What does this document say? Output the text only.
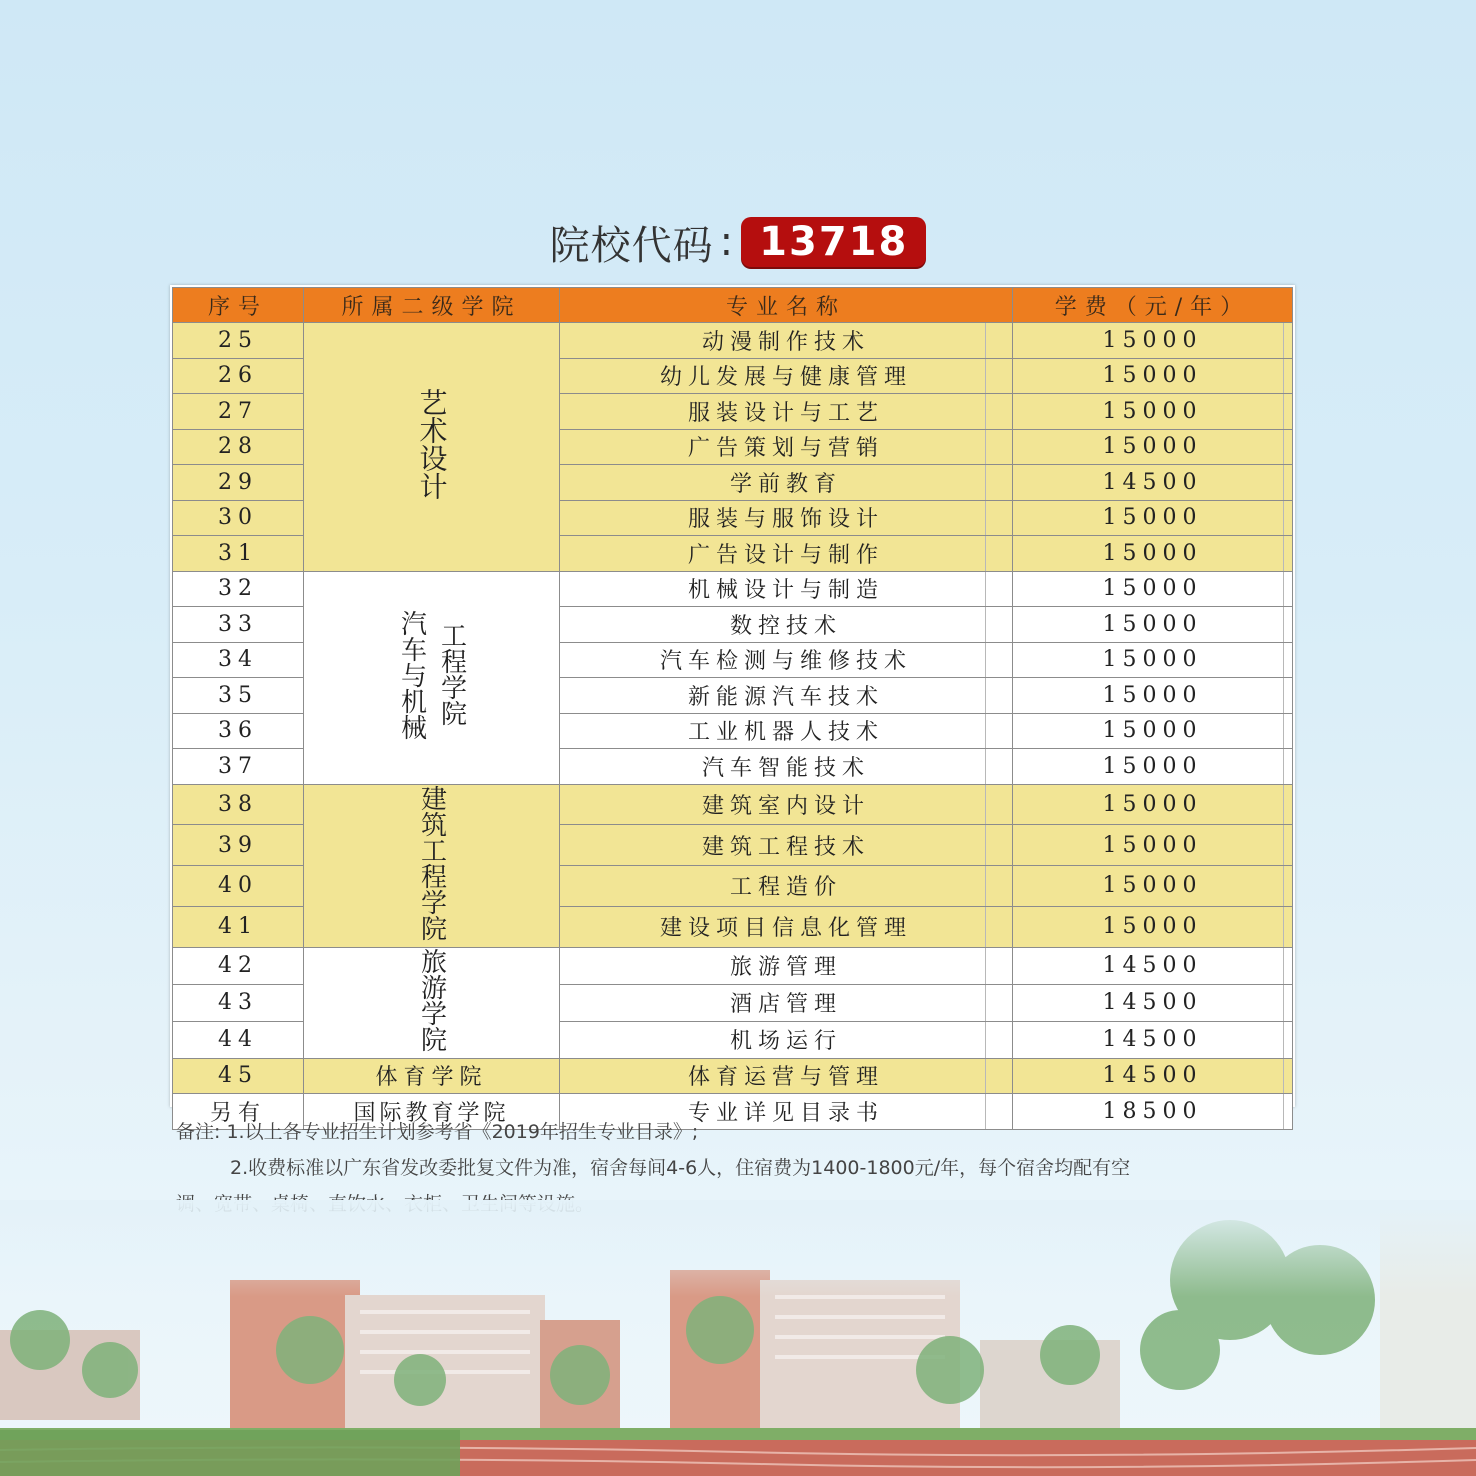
院校代码 : 13718
序号	所属二级学院	专业名称	学费（元/年）
25	艺术设计	动漫制作技术	15000
26		幼儿发展与健康管理	15000
27		服装设计与工艺	15000
28		广告策划与营销	15000
29		学前教育	14500
30		服装与服饰设计	15000
31		广告设计与制作	15000
32	汽车与机械 工程学院	机械设计与制造	15000
33		数控技术	15000
34		汽车检测与维修技术	15000
35		新能源汽车技术	15000
36		工业机器人技术	15000
37		汽车智能技术	15000
38	建筑工程学院	建筑室内设计	15000
39		建筑工程技术	15000
40		工程造价	15000
41		建设项目信息化管理	15000
42	旅游学院	旅游管理	14500
43		酒店管理	14500
44		机场运行	14500
45	体育学院	体育运营与管理	14500
另有	国际教育学院	专业详见目录书	18500
备注: 1.以上各专业招生计划参考省《2019年招生专业目录》;
2.收费标准以广东省发改委批复文件为准，宿舍每间4-6人，住宿费为1400-1800元/年，每个宿舍均配有空
